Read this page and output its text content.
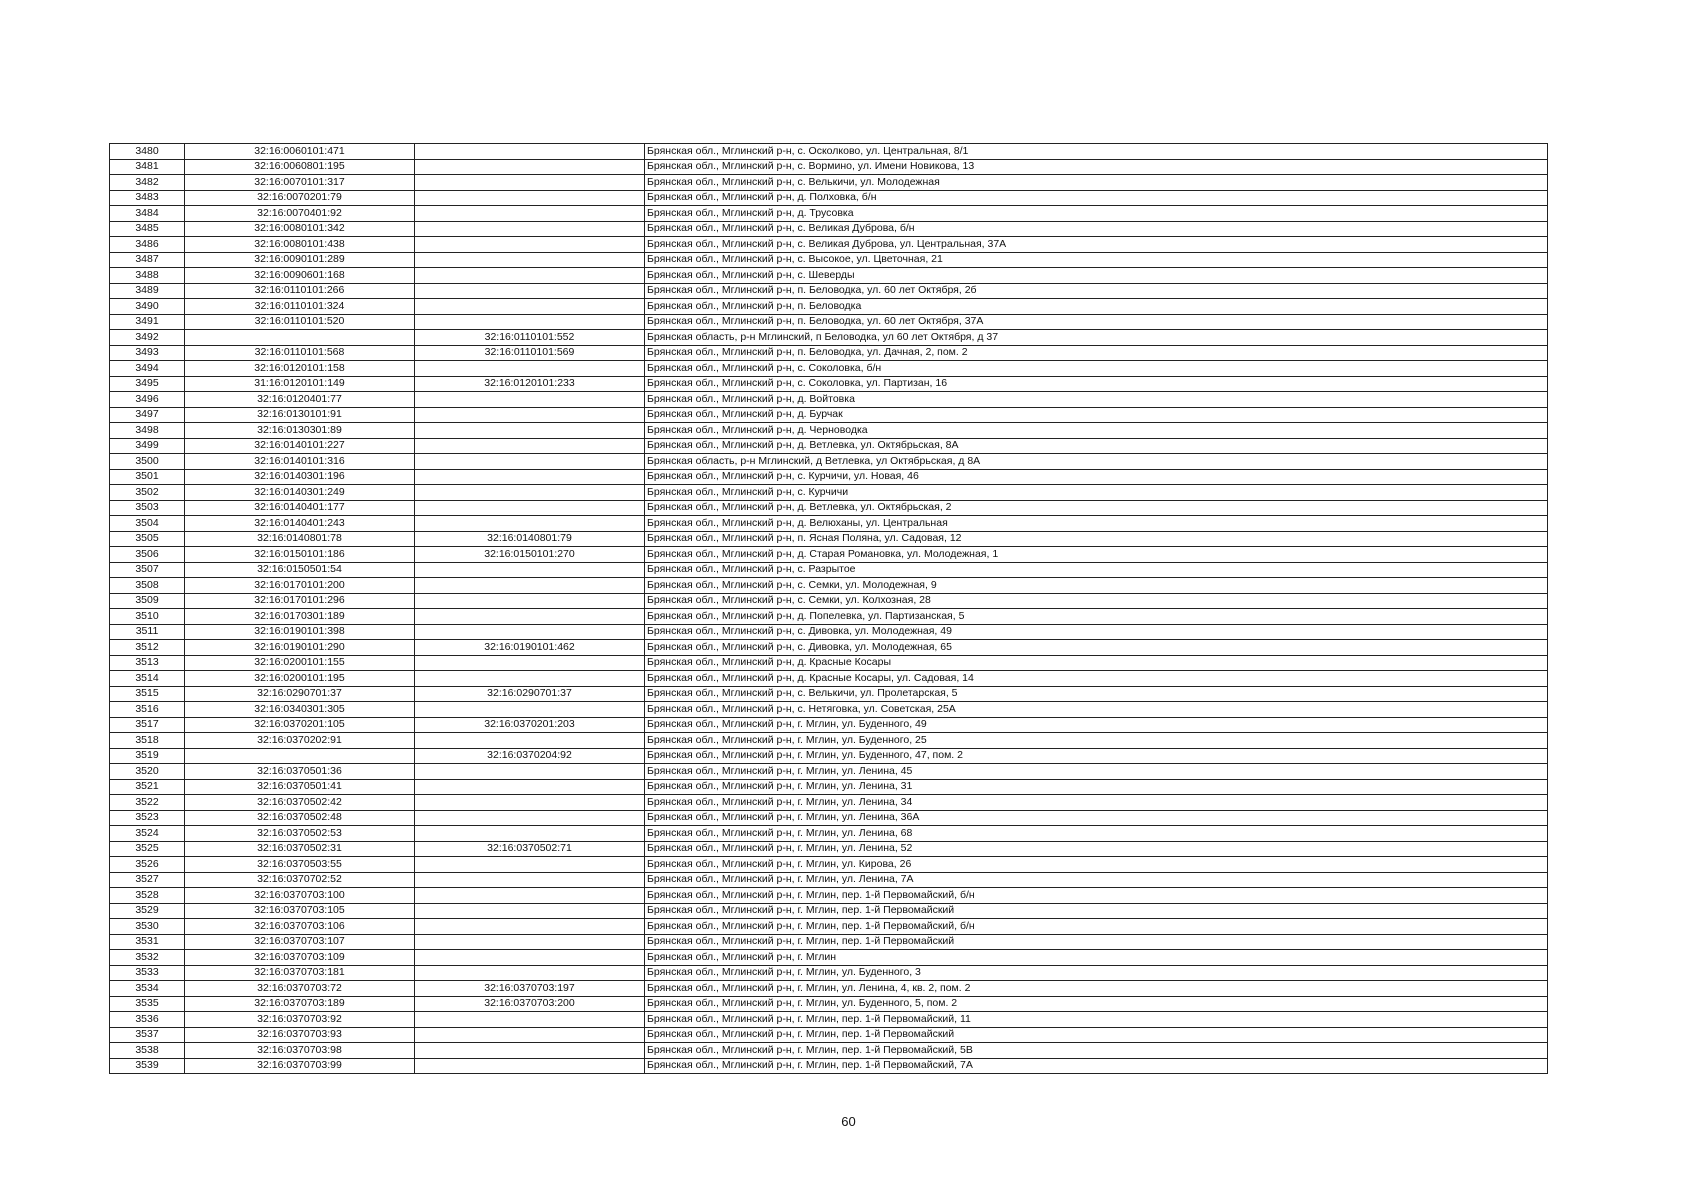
3480	32:16:0060101:471		Брянская обл., Мглинский р-н, с. Осколково, ул. Центральная, 8/1
3481	32:16:0060801:195		Брянская обл., Мглинский р-н, с. Вормино, ул. Имени Новикова, 13
3482	32:16:0070101:317		Брянская обл., Мглинский р-н, с. Велькичи, ул. Молодежная
3483	32:16:0070201:79		Брянская обл., Мглинский р-н, д. Полховка, б/н
3484	32:16:0070401:92		Брянская обл., Мглинский р-н, д. Трусовка
3485	32:16:0080101:342		Брянская обл., Мглинский р-н, с. Великая Дуброва, б/н
3486	32:16:0080101:438		Брянская обл., Мглинский р-н, с. Великая Дуброва, ул. Центральная, 37А
3487	32:16:0090101:289		Брянская обл., Мглинский р-н, с. Высокое, ул. Цветочная, 21
3488	32:16:0090601:168		Брянская обл., Мглинский р-н, с. Шеверды
3489	32:16:0110101:266		Брянская обл., Мглинский р-н, п. Беловодка, ул. 60 лет Октября, 2б
3490	32:16:0110101:324		Брянская обл., Мглинский р-н, п. Беловодка
3491	32:16:0110101:520		Брянская обл., Мглинский р-н, п. Беловодка, ул. 60 лет Октября, 37А
3492		32:16:0110101:552	Брянская область, р-н Мглинский, п Беловодка, ул 60 лет Октября, д 37
3493	32:16:0110101:568	32:16:0110101:569	Брянская обл., Мглинский р-н, п. Беловодка, ул. Дачная, 2, пом. 2
3494	32:16:0120101:158		Брянская обл., Мглинский р-н, с. Соколовка, б/н
3495	31:16:0120101:149	32:16:0120101:233	Брянская обл., Мглинский р-н, с. Соколовка, ул. Партизан, 16
3496	32:16:0120401:77		Брянская обл., Мглинский р-н, д. Войтовка
3497	32:16:0130101:91		Брянская обл., Мглинский р-н, д. Бурчак
3498	32:16:0130301:89		Брянская обл., Мглинский р-н, д. Черноводка
3499	32:16:0140101:227		Брянская обл., Мглинский р-н, д. Ветлевка, ул. Октябрьская, 8А
3500	32:16:0140101:316		Брянская область, р-н Мглинский, д Ветлевка, ул Октябрьская, д 8А
3501	32:16:0140301:196		Брянская обл., Мглинский р-н, с. Курчичи, ул. Новая, 46
3502	32:16:0140301:249		Брянская обл., Мглинский р-н, с. Курчичи
3503	32:16:0140401:177		Брянская обл., Мглинский р-н, д. Ветлевка, ул. Октябрьская, 2
3504	32:16:0140401:243		Брянская обл., Мглинский р-н, д. Велюханы, ул. Центральная
3505	32:16:0140801:78	32:16:0140801:79	Брянская обл., Мглинский р-н, п. Ясная Поляна, ул. Садовая, 12
3506	32:16:0150101:186	32:16:0150101:270	Брянская обл., Мглинский р-н, д. Старая Романовка, ул. Молодежная, 1
3507	32:16:0150501:54		Брянская обл., Мглинский р-н, с. Разрытое
3508	32:16:0170101:200		Брянская обл., Мглинский р-н, с. Семки, ул. Молодежная, 9
3509	32:16:0170101:296		Брянская обл., Мглинский р-н, с. Семки, ул. Колхозная, 28
3510	32:16:0170301:189		Брянская обл., Мглинский р-н, д. Попелевка, ул. Партизанская, 5
3511	32:16:0190101:398		Брянская обл., Мглинский р-н, с. Дивовка, ул. Молодежная, 49
3512	32:16:0190101:290	32:16:0190101:462	Брянская обл., Мглинский р-н, с. Дивовка, ул. Молодежная, 65
3513	32:16:0200101:155		Брянская обл., Мглинский р-н, д. Красные Косары
3514	32:16:0200101:195		Брянская обл., Мглинский р-н, д. Красные Косары, ул. Садовая, 14
3515	32:16:0290701:37	32:16:0290701:37	Брянская обл., Мглинский р-н, с. Велькичи, ул. Пролетарская, 5
3516	32:16:0340301:305		Брянская обл., Мглинский р-н, с. Нетяговка, ул. Советская, 25А
3517	32:16:0370201:105	32:16:0370201:203	Брянская обл., Мглинский р-н, г. Мглин, ул. Буденного, 49
3518	32:16:0370202:91		Брянская обл., Мглинский р-н, г. Мглин, ул. Буденного, 25
3519		32:16:0370204:92	Брянская обл., Мглинский р-н, г. Мглин, ул. Буденного, 47, пом. 2
3520	32:16:0370501:36		Брянская обл., Мглинский р-н, г. Мглин, ул. Ленина, 45
3521	32:16:0370501:41		Брянская обл., Мглинский р-н, г. Мглин, ул. Ленина, 31
3522	32:16:0370502:42		Брянская обл., Мглинский р-н, г. Мглин, ул. Ленина, 34
3523	32:16:0370502:48		Брянская обл., Мглинский р-н, г. Мглин, ул. Ленина, 36А
3524	32:16:0370502:53		Брянская обл., Мглинский р-н, г. Мглин, ул. Ленина, 68
3525	32:16:0370502:31	32:16:0370502:71	Брянская обл., Мглинский р-н, г. Мглин, ул. Ленина, 52
3526	32:16:0370503:55		Брянская обл., Мглинский р-н, г. Мглин, ул. Кирова, 26
3527	32:16:0370702:52		Брянская обл., Мглинский р-н, г. Мглин, ул. Ленина, 7А
3528	32:16:0370703:100		Брянская обл., Мглинский р-н, г. Мглин, пер. 1-й Первомайский, б/н
3529	32:16:0370703:105		Брянская обл., Мглинский р-н, г. Мглин, пер. 1-й Первомайский
3530	32:16:0370703:106		Брянская обл., Мглинский р-н, г. Мглин, пер. 1-й Первомайский, б/н
3531	32:16:0370703:107		Брянская обл., Мглинский р-н, г. Мглин, пер. 1-й Первомайский
3532	32:16:0370703:109		Брянская обл., Мглинский р-н, г. Мглин
3533	32:16:0370703:181		Брянская обл., Мглинский р-н, г. Мглин, ул. Буденного, 3
3534	32:16:0370703:72	32:16:0370703:197	Брянская обл., Мглинский р-н, г. Мглин, ул. Ленина, 4, кв. 2, пом. 2
3535	32:16:0370703:189	32:16:0370703:200	Брянская обл., Мглинский р-н, г. Мглин, ул. Буденного, 5, пом. 2
3536	32:16:0370703:92		Брянская обл., Мглинский р-н, г. Мглин, пер. 1-й Первомайский, 11
3537	32:16:0370703:93		Брянская обл., Мглинский р-н, г. Мглин, пер. 1-й Первомайский
3538	32:16:0370703:98		Брянская обл., Мглинский р-н, г. Мглин, пер. 1-й Первомайский, 5В
3539	32:16:0370703:99		Брянская обл., Мглинский р-н, г. Мглин, пер. 1-й Первомайский, 7А
60
